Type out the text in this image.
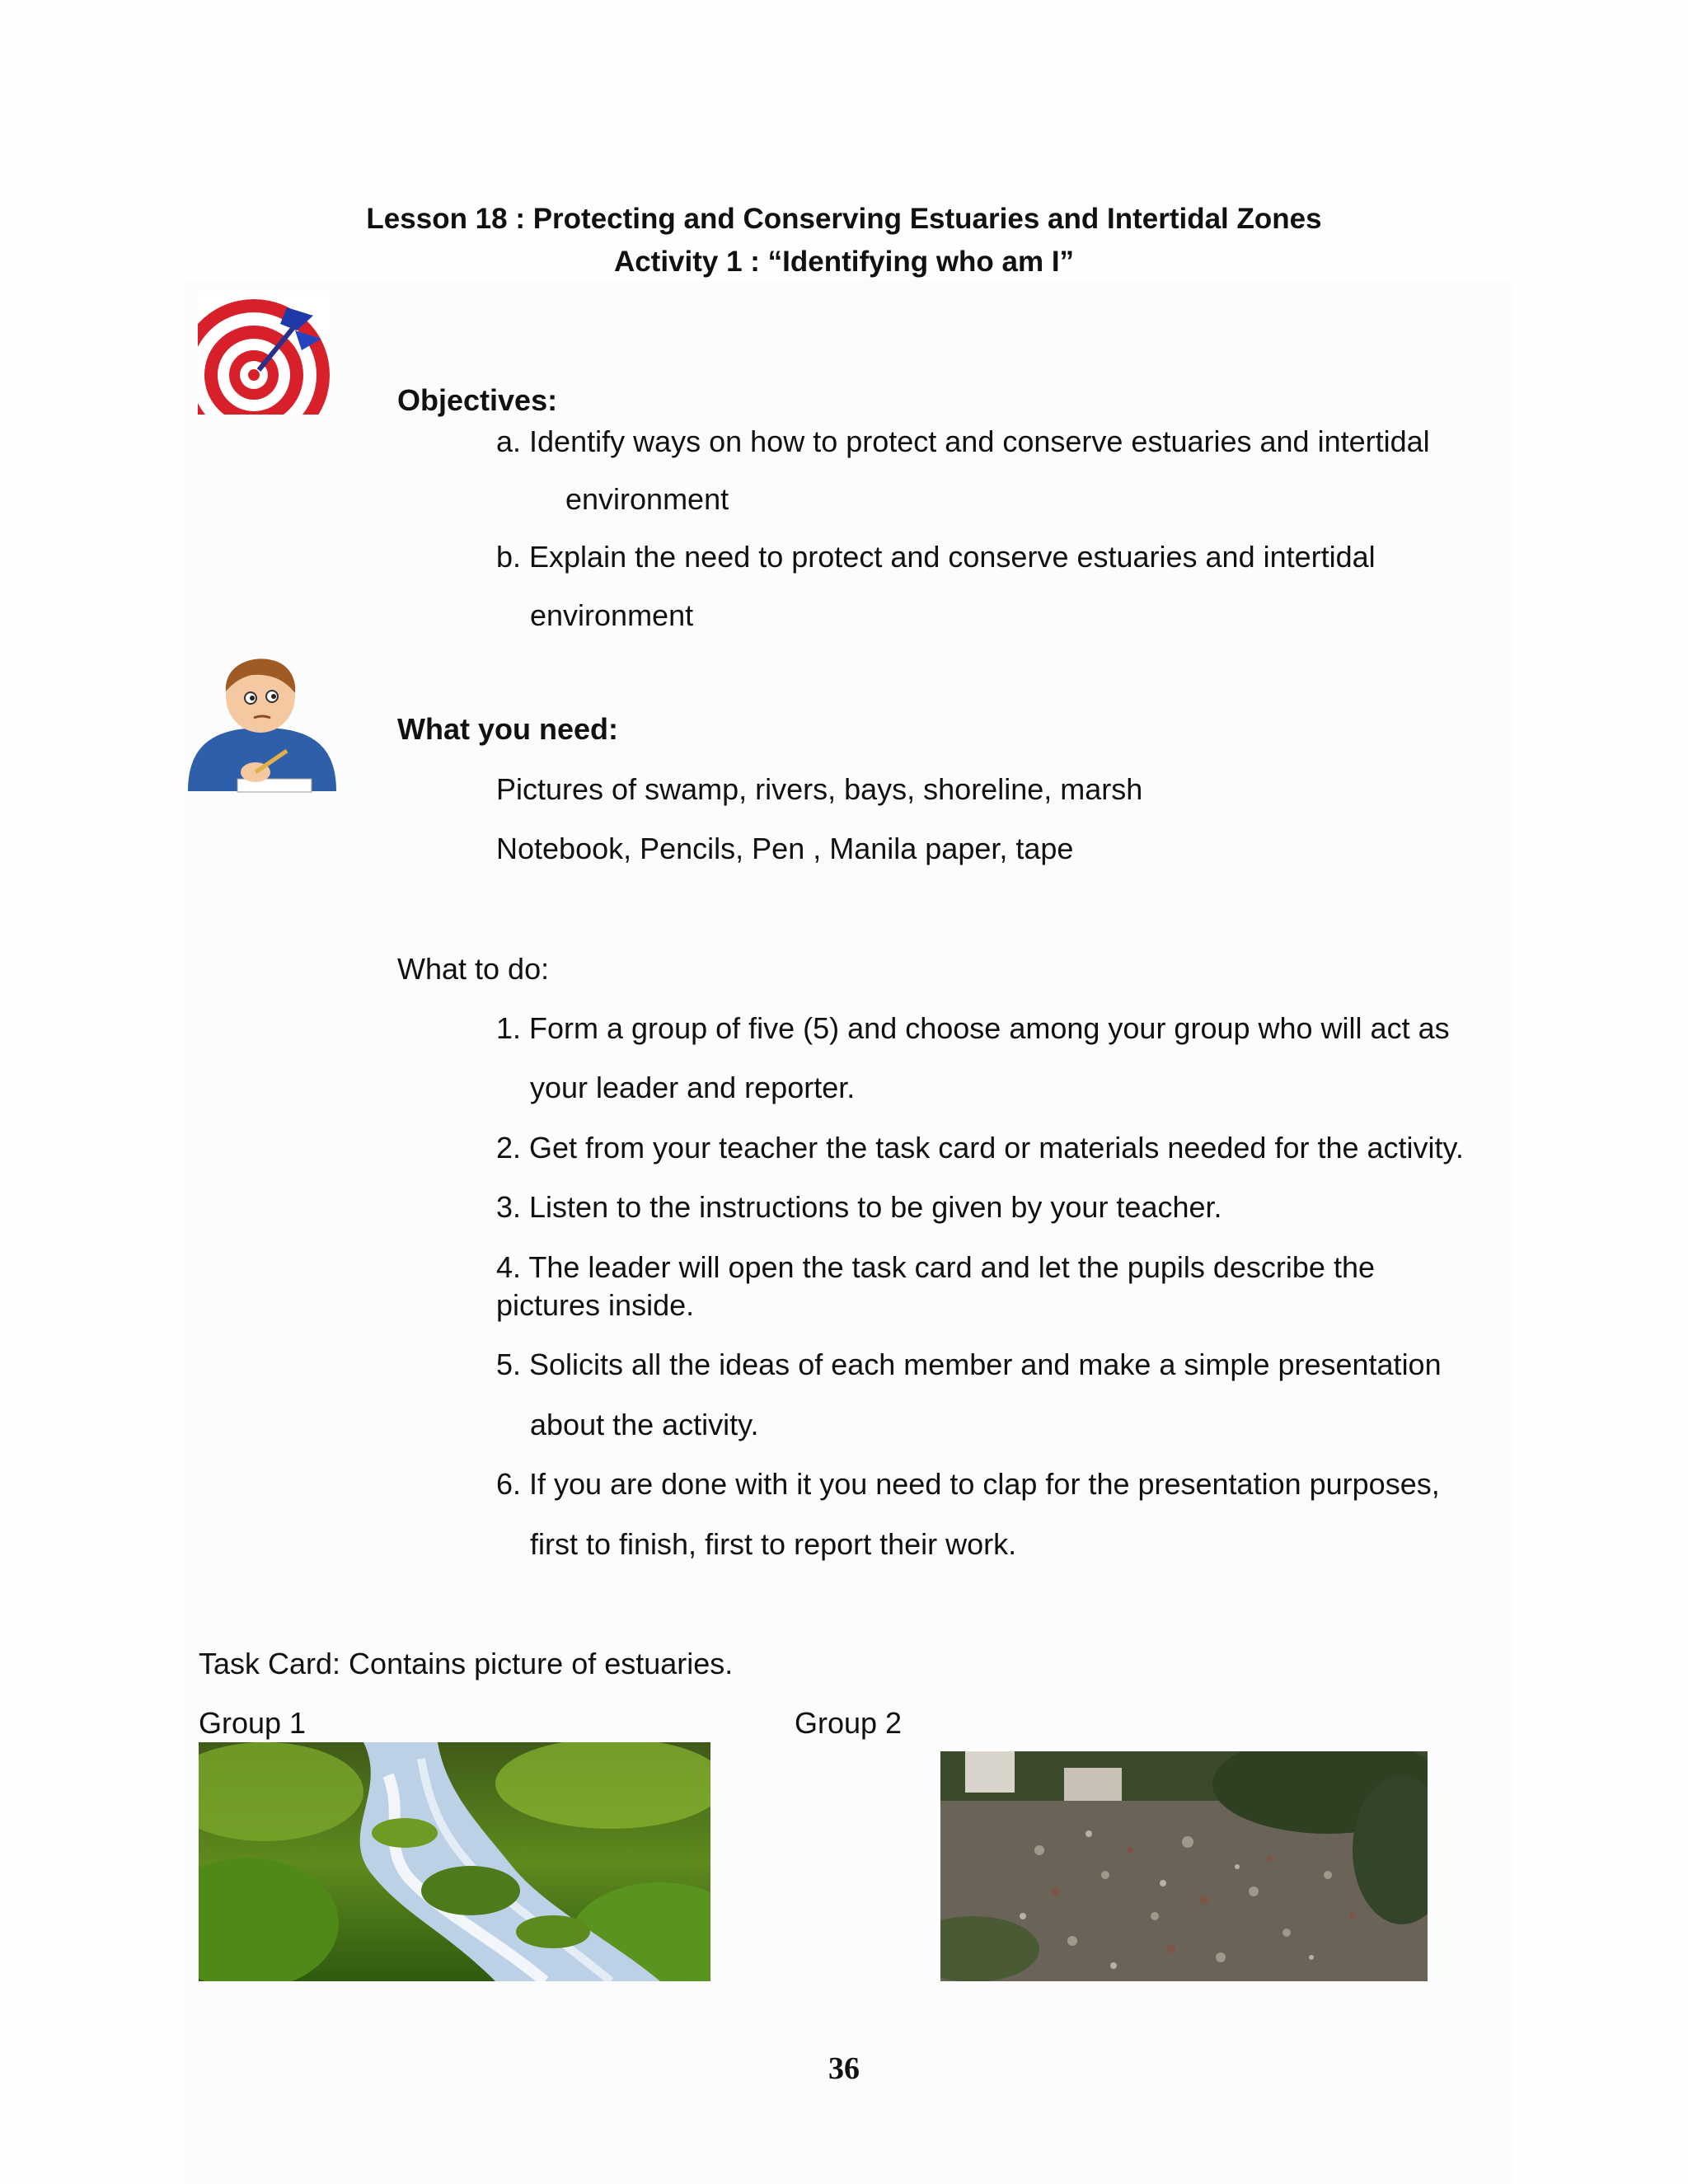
Lesson 18 : Protecting and Conserving Estuaries and Intertidal Zones
Activity 1 : “Identifying who am I”
Objectives:
a. Identify ways on how to protect and conserve estuaries and intertidal
environment
b. Explain the need to protect and conserve estuaries and intertidal
environment
What you need:
Pictures of swamp, rivers, bays, shoreline, marsh
Notebook, Pencils, Pen , Manila paper, tape
What to do:
1. Form a group of five (5) and choose among your group who will act as
your leader and reporter.
2. Get from your teacher the task card or materials needed for the activity.
3. Listen to the instructions to be given by your teacher.
4. The leader will open the task card and let the pupils describe the
pictures inside.
5. Solicits all the ideas of each member and make a simple presentation
about the activity.
6. If you are done with it you need to clap for the presentation purposes,
first to finish, first to report their work.
Task Card: Contains picture of estuaries.
Group 1	Group 2
36
